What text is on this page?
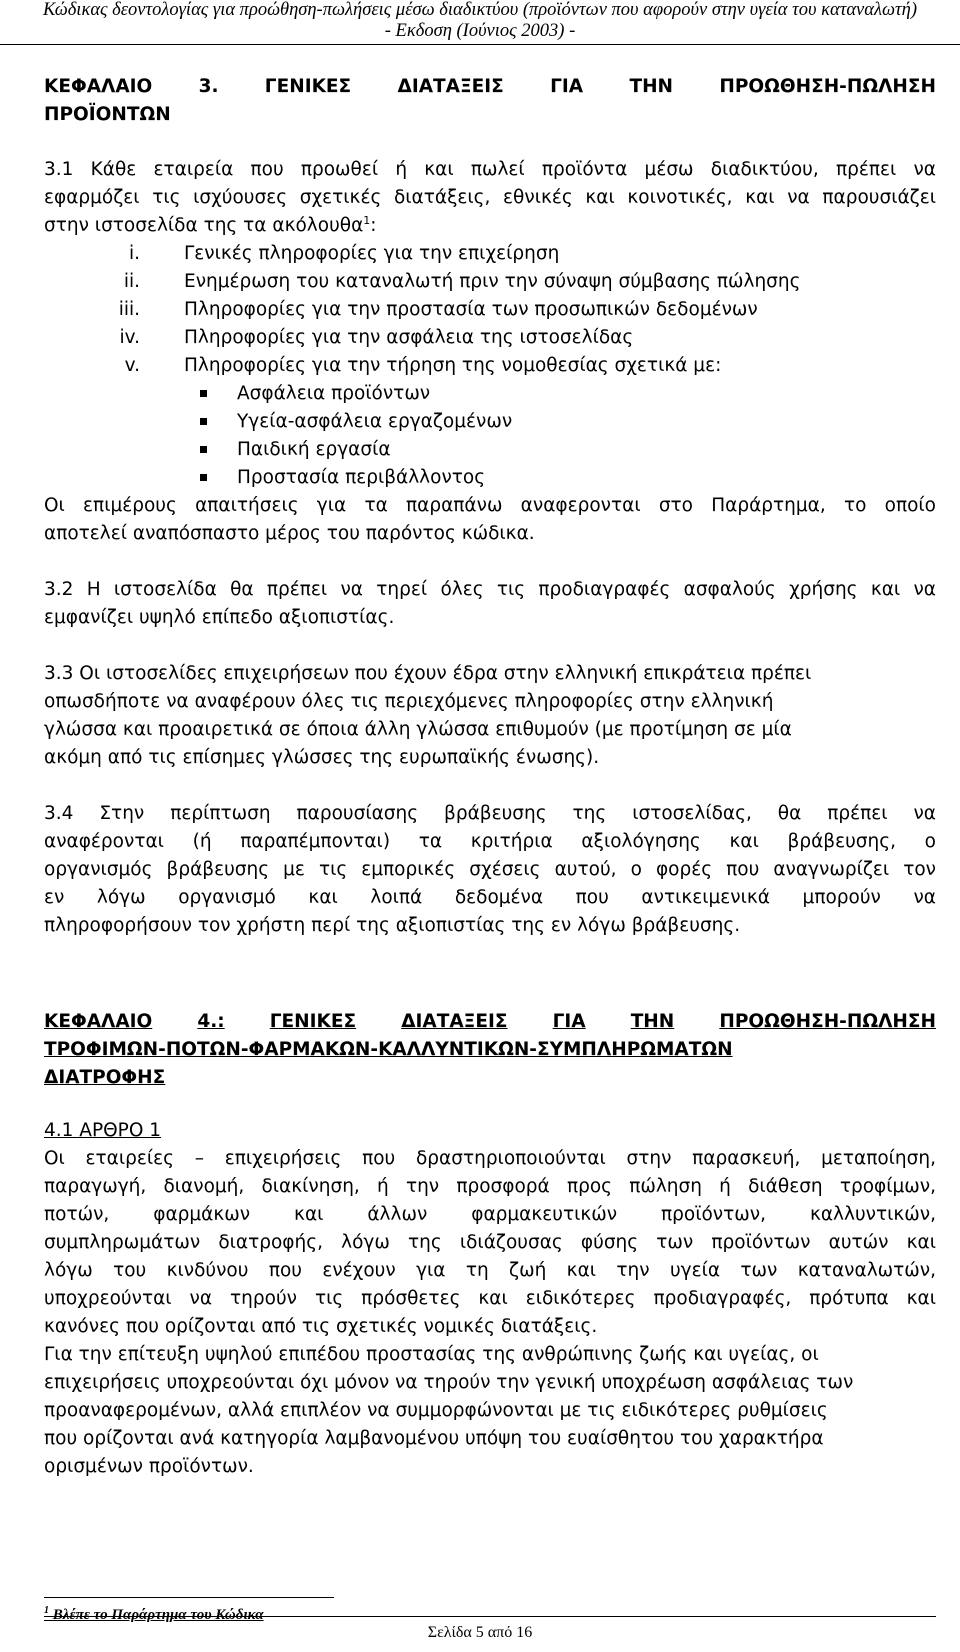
Κώδικας δεοντολογίας για προώθηση-πωλήσεις μέσω διαδικτύου (προϊόντων που αφορούν στην υγεία του καταναλωτή)
- Εκδοση (Ιούνιος 2003) -
ΚΕΦΑΛΑΙΟ	3.	ΓΕΝΙΚΕΣ	ΔΙΑΤΑΞΕΙΣ	ΓΙΑ	ΤΗΝ	ΠΡΟΩΘΗΣΗ-ΠΩΛΗΣΗ
ΠΡΟΪΟΝΤΩΝ
3.1 Κάθε εταιρεία που προωθεί ή και πωλεί προϊόντα μέσω διαδικτύου, πρέπει να
εφαρμόζει τις ισχύουσες σχετικές διατάξεις, εθνικές και κοινοτικές, και να παρουσιάζει
στην ιστοσελίδα της τα ακόλουθα$^1$:
i. Γενικές πληροφορίες για την επιχείρηση
ii. Ενημέρωση του καταναλωτή πριν την σύναψη σύμβασης πώλησης
iii. Πληροφορίες για την προστασία των προσωπικών δεδομένων
iv. Πληροφορίες για την ασφάλεια της ιστοσελίδας
v. Πληροφορίες για την τήρηση της νομοθεσίας σχετικά με:
Ασφάλεια προϊόντων
Υγεία-ασφάλεια εργαζομένων
Παιδική εργασία
Προστασία περιβάλλοντος
Οι επιμέρους απαιτήσεις για τα παραπάνω αναφερονται στο Παράρτημα, το οποίο
αποτελεί αναπόσπαστο μέρος του παρόντος κώδικα.
3.2 Η ιστοσελίδα θα πρέπει να τηρεί όλες τις προδιαγραφές ασφαλούς χρήσης και να
εμφανίζει υψηλό επίπεδο αξιοπιστίας.
3.3 Οι ιστοσελίδες επιχειρήσεων που έχουν έδρα στην ελληνική επικράτεια πρέπει
οπωσδήποτε να αναφέρουν όλες τις περιεχόμενες πληροφορίες στην ελληνική
γλώσσα και προαιρετικά σε όποια άλλη γλώσσα επιθυμούν (με προτίμηση σε μία
ακόμη από τις επίσημες γλώσσες της ευρωπαϊκής ένωσης).
3.4 Στην περίπτωση παρουσίασης βράβευσης της ιστοσελίδας, θα πρέπει να
αναφέρονται (ή παραπέμπονται) τα κριτήρια αξιολόγησης και βράβευσης, ο
οργανισμός βράβευσης με τις εμπορικές σχέσεις αυτού, ο φορές που αναγνωρίζει τον
εν λόγω οργανισμό και λοιπά δεδομένα που αντικειμενικά μπορούν να
πληροφορήσουν τον χρήστη περί της αξιοπιστίας της εν λόγω βράβευσης.
ΚΕΦΑΛΑΙΟ 4.: ΓΕΝΙΚΕΣ ΔΙΑΤΑΞΕΙΣ ΓΙΑ ΤΗΝ ΠΡΟΩΘΗΣΗ-ΠΩΛΗΣΗ
ΤΡΟΦΙΜΩΝ-ΠΟΤΩΝ-ΦΑΡΜΑΚΩΝ-ΚΑΛΛΥΝΤΙΚΩΝ-ΣΥΜΠΛΗΡΩΜΑΤΩΝ
ΔΙΑΤΡΟΦΗΣ
4.1 ΑΡΘΡΟ 1
Οι εταιρείες – επιχειρήσεις που δραστηριοποιούνται στην παρασκευή, μεταποίηση,
παραγωγή, διανομή, διακίνηση, ή την προσφορά προς πώληση ή διάθεση τροφίμων,
ποτών, φαρμάκων και άλλων φαρμακευτικών προϊόντων, καλλυντικών,
συμπληρωμάτων διατροφής, λόγω της ιδιάζουσας φύσης των προϊόντων αυτών και
λόγω του κινδύνου που ενέχουν για τη ζωή και την υγεία των καταναλωτών,
υποχρεούνται να τηρούν τις πρόσθετες και ειδικότερες προδιαγραφές, πρότυπα και
κανόνες που ορίζονται από τις σχετικές νομικές διατάξεις.
Για την επίτευξη υψηλού επιπέδου προστασίας της ανθρώπινης ζωής και υγείας, οι
επιχειρήσεις υποχρεούνται όχι μόνον να τηρούν την γενική υποχρέωση ασφάλειας των
προαναφερομένων, αλλά επιπλέον να συμμορφώνονται με τις ειδικότερες ρυθμίσεις
που ορίζονται ανά κατηγορία λαμβανομένου υπόψη του ευαίσθητου του χαρακτήρα
ορισμένων προϊόντων.
$^1$ Βλέπε το Παράρτημα του Κώδικα
Σελίδα 5 από 16
